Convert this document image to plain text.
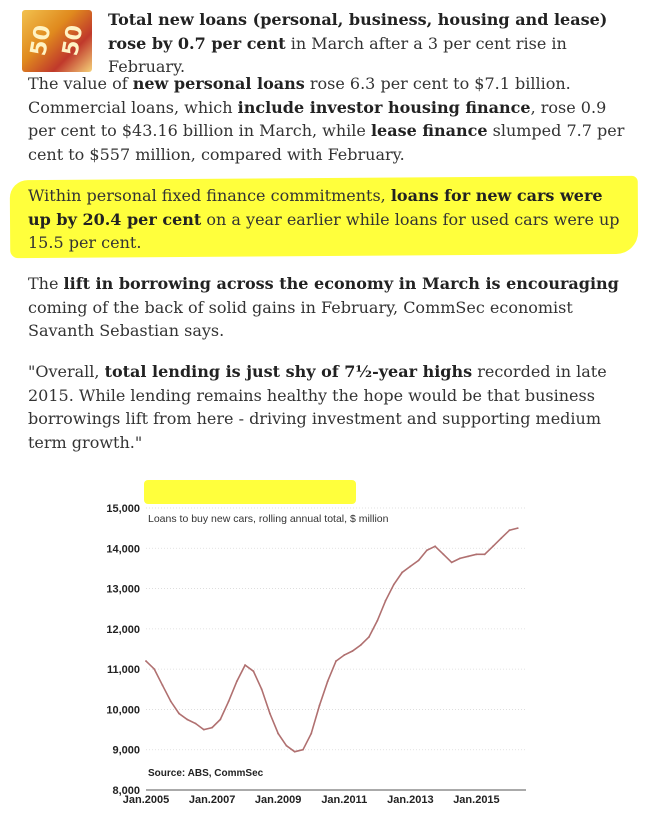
50 50

Total new loans (personal, business, housing and lease) rose by 0.7 per cent in March after a 3 per cent rise in February.

The value of new personal loans rose 6.3 per cent to $7.1 billion. Commercial loans, which include investor housing finance, rose 0.9 per cent to $43.16 billion in March, while lease finance slumped 7.7 per cent to $557 million, compared with February.

Within personal fixed finance commitments, loans for new cars were up by 20.4 per cent on a year earlier while loans for used cars were up 15.5 per cent.

The lift in borrowing across the economy in March is encouraging coming of the back of solid gains in February, CommSec economist Savanth Sebastian says.

"Overall, total lending is just shy of 7½-year highs recorded in late 2015. While lending remains healthy the hope would be that business borrowings lift from here - driving investment and supporting medium term growth."

Loans to buy new cars, rolling annual total, $ million
15,000
14,000
13,000
12,000
11,000
10,000
9,000
8,000
Jan.2005 Jan.2007 Jan.2009 Jan.2011 Jan.2013 Jan.2015
Source: ABS, CommSec
